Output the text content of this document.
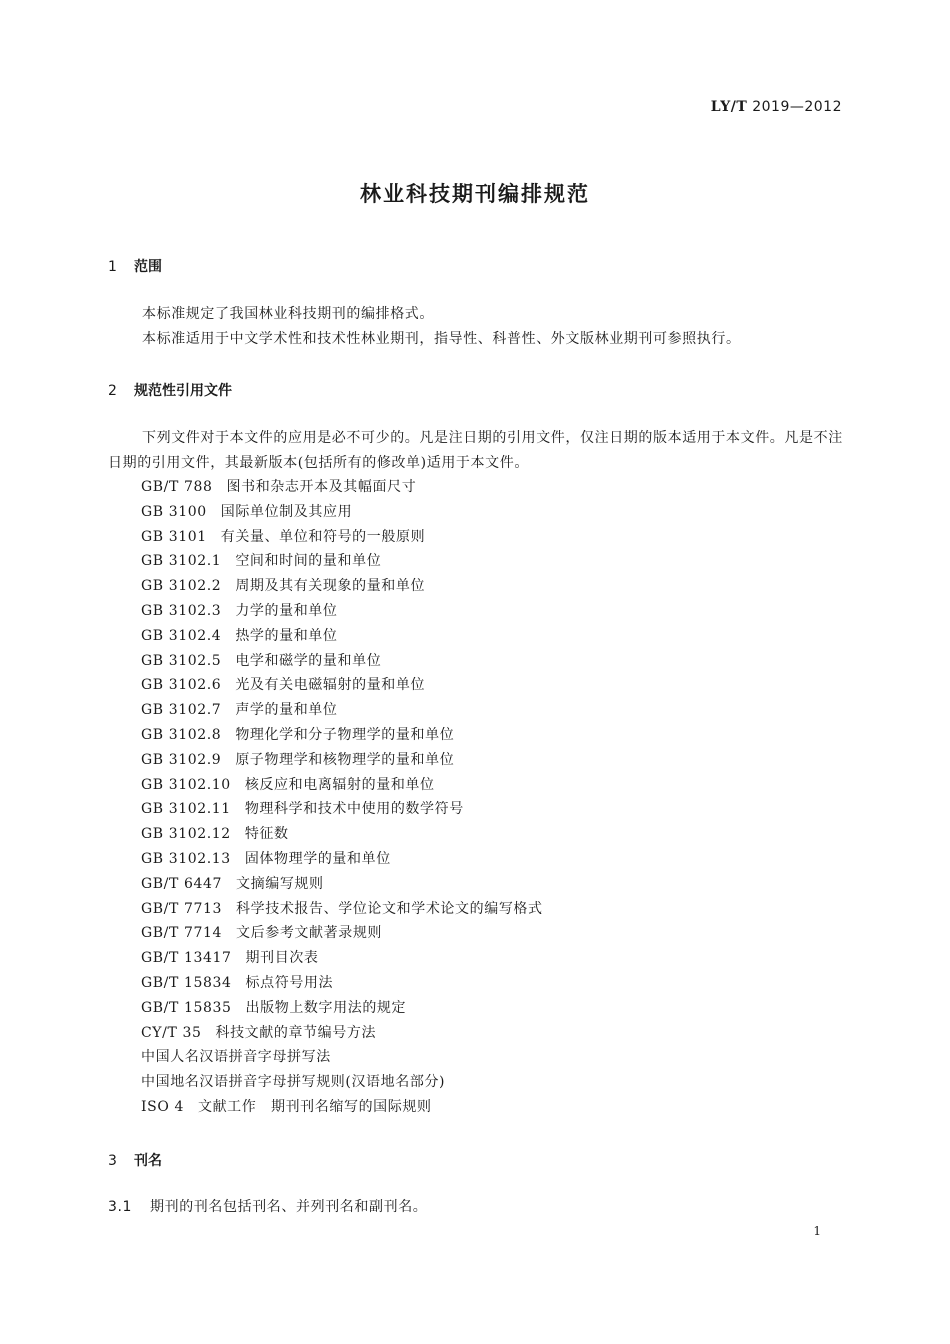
LY/T 2019—2012
林业科技期刊编排规范
1 范围
本标准规定了我国林业科技期刊的编排格式。
本标准适用于中文学术性和技术性林业期刊，指导性、科普性、外文版林业期刊可参照执行。
2 规范性引用文件
下列文件对于本文件的应用是必不可少的。凡是注日期的引用文件，仅注日期的版本适用于本文件。凡是不注日期的引用文件，其最新版本(包括所有的修改单)适用于本文件。
GB/T 788 图书和杂志开本及其幅面尺寸
GB 3100 国际单位制及其应用
GB 3101 有关量、单位和符号的一般原则
GB 3102.1 空间和时间的量和单位
GB 3102.2 周期及其有关现象的量和单位
GB 3102.3 力学的量和单位
GB 3102.4 热学的量和单位
GB 3102.5 电学和磁学的量和单位
GB 3102.6 光及有关电磁辐射的量和单位
GB 3102.7 声学的量和单位
GB 3102.8 物理化学和分子物理学的量和单位
GB 3102.9 原子物理学和核物理学的量和单位
GB 3102.10 核反应和电离辐射的量和单位
GB 3102.11 物理科学和技术中使用的数学符号
GB 3102.12 特征数
GB 3102.13 固体物理学的量和单位
GB/T 6447 文摘编写规则
GB/T 7713 科学技术报告、学位论文和学术论文的编写格式
GB/T 7714 文后参考文献著录规则
GB/T 13417 期刊目次表
GB/T 15834 标点符号用法
GB/T 15835 出版物上数字用法的规定
CY/T 35 科技文献的章节编号方法
中国人名汉语拼音字母拼写法
中国地名汉语拼音字母拼写规则(汉语地名部分)
ISO 4 文献工作　期刊刊名缩写的国际规则
3 刊名
3.1 期刊的刊名包括刊名、并列刊名和副刊名。
1
